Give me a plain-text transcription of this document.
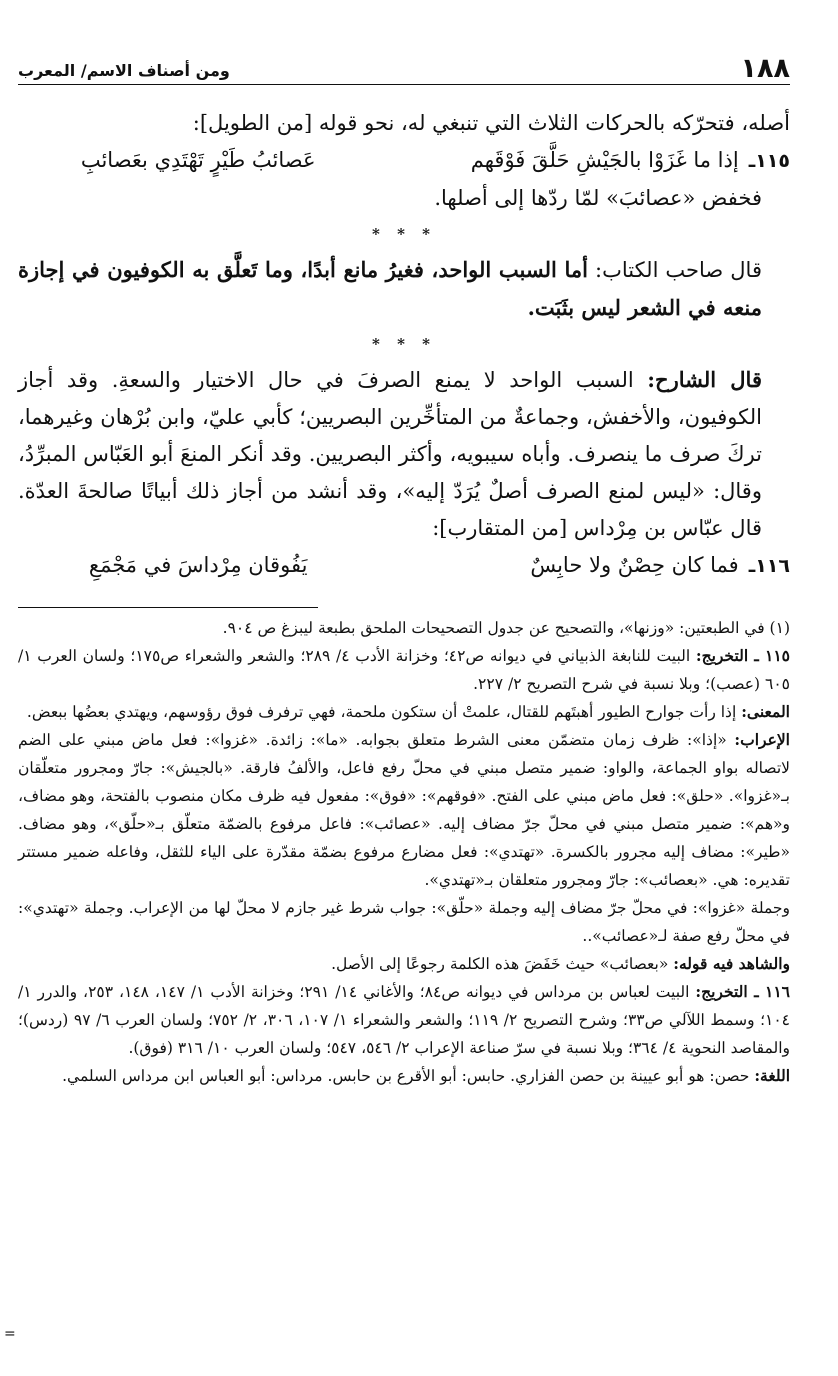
١٨٨
ومن أصناف الاسم/ المعرب

أصله، فتحرّكه بالحركات الثلاث التي تنبغي له، نحو قوله [من الطويل]:

١١٥ـ
إذا ما غَزَوْا بالجَيْشِ حَلَّقَ فَوْقَهم
عَصائبُ طَيْرٍ تَهْتَدِي بعَصائبِ

فخفض «عصائبَ» لمّا ردّها إلى أصلها.

* * *

قال صاحب الكتاب: أما السبب الواحد، فغيرُ مانع أبدًا، وما تَعلَّق به الكوفيون في إجازة منعه في الشعر ليس بثَبَت.

* * *

قال الشارح: السبب الواحد لا يمنع الصرفَ في حال الاختيار والسعةِ. وقد أجاز الكوفيون، والأخفش، وجماعةٌ من المتأخِّرين البصريين؛ كأبي عليّ، وابن بُرْهان وغيرهما، تركَ صرف ما ينصرف. وأباه سيبويه، وأكثر البصريين. وقد أنكر المنعَ أبو العَبّاس المبرِّدُ، وقال: «ليس لمنع الصرف أصلٌ يُرَدّ إليه»، وقد أنشد من أجاز ذلك أبياتًا صالحةَ العدّة. قال عبّاس بن مِرْداس [من المتقارب]:

١١٦ـ
فما كان حِصْنٌ ولا حابِسٌ
يَفُوقان مِرْداسَ في مَجْمَعِ

(١) في الطبعتين: «وزنها»، والتصحيح عن جدول التصحيحات الملحق بطبعة ليبزغ ص ٩٠٤.

١١٥ ـ التخريج: البيت للنابغة الذبياني في ديوانه ص٤٢؛ وخزانة الأدب ٤/ ٢٨٩؛ والشعر والشعراء ص١٧٥؛ ولسان العرب ١/ ٦٠٥ (عصب)؛ وبلا نسبة في شرح التصريح ٢/ ٢٢٧.

المعنى: إذا رأت جوارح الطيور أهبتَهم للقتال، علمتْ أن ستكون ملحمة، فهي ترفرف فوق رؤوسهم، ويهتدي بعضُها ببعض.

الإعراب: «إذا»: ظرف زمان متضمّن معنى الشرط متعلق بجوابه. «ما»: زائدة. «غزوا»: فعل ماض مبني على الضم لاتصاله بواو الجماعة، والواو: ضمير متصل مبني في محلّ رفع فاعل، والألفُ فارقة. «بالجيش»: جارّ ومجرور متعلّقان بـ«غزوا». «حلق»: فعل ماض مبني على الفتح. «فوقهم»: «فوق»: مفعول فيه ظرف مكان منصوب بالفتحة، وهو مضاف، و«هم»: ضمير متصل مبني في محلّ جرّ مضاف إليه. «عصائب»: فاعل مرفوع بالضمّة متعلّق بـ«حلّق»، وهو مضاف. «طير»: مضاف إليه مجرور بالكسرة. «تهتدي»: فعل مضارع مرفوع بضمّة مقدّرة على الياء للثقل، وفاعله ضمير مستتر تقديره: هي. «بعصائب»: جارّ ومجرور متعلقان بـ«تهتدي».

وجملة «غزوا»: في محلّ جرّ مضاف إليه وجملة «حلّق»: جواب شرط غير جازم لا محلّ لها من الإعراب. وجملة «تهتدي»: في محلّ رفع صفة لـ«عصائب»..

والشاهد فيه قوله: «بعصائب» حيث خَفَضَ هذه الكلمة رجوعًا إلى الأصل.

١١٦ ـ التخريج: البيت لعباس بن مرداس في ديوانه ص٨٤؛ والأغاني ١٤/ ٢٩١؛ وخزانة الأدب ١/ ١٤٧، ١٤٨، ٢٥٣، والدرر ١/ ١٠٤؛ وسمط اللآلي ص٣٣؛ وشرح التصريح ٢/ ١١٩؛ والشعر والشعراء ١/ ١٠٧، ٣٠٦، ٢/ ٧٥٢؛ ولسان العرب ٦/ ٩٧ (ردس)؛ والمقاصد النحوية ٤/ ٣٦٤؛ وبلا نسبة في سرّ صناعة الإعراب ٢/ ٥٤٦، ٥٤٧؛ ولسان العرب ١٠/ ٣١٦ (فوق).

اللغة: حصن: هو أبو عيينة بن حصن الفزاري. حابس: أبو الأقرع بن حابس. مرداس: أبو العباس ابن مرداس السلمي.

=
